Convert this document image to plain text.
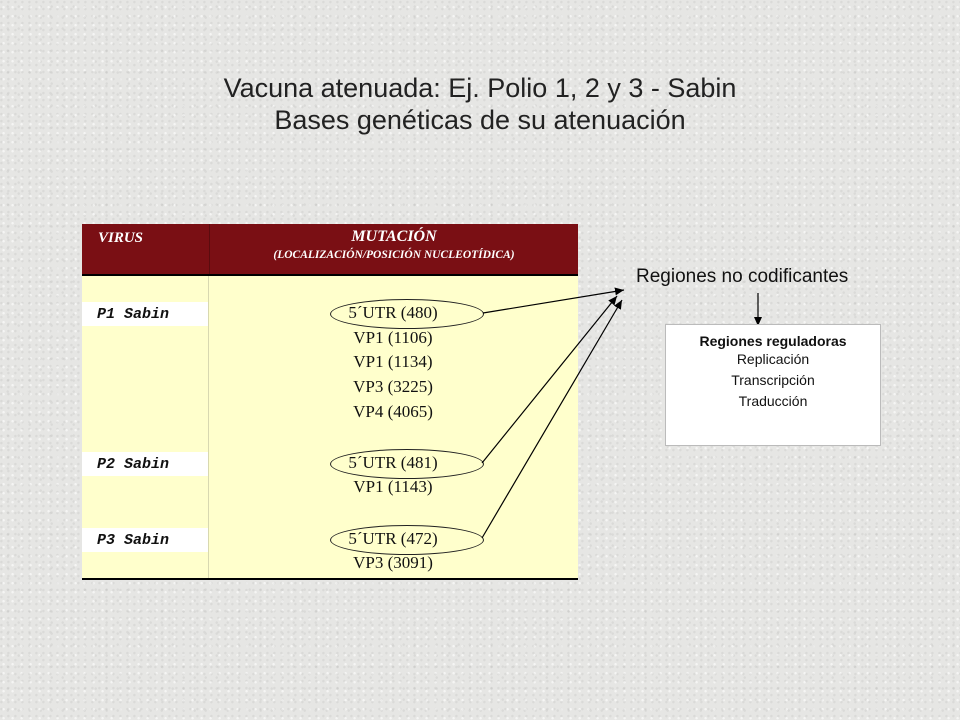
Vacuna atenuada: Ej. Polio 1, 2 y 3 - Sabin
Bases genéticas de su atenuación
VIRUS	MUTACIÓN
(LOCALIZACIÓN/POSICIÓN NUCLEOTÍDICA)
P1 Sabin	5´UTR (480)
VP1 (1106)
VP1 (1134)
VP3 (3225)
VP4 (4065)
P2 Sabin	5´UTR (481)
VP1 (1143)
P3 Sabin	5´UTR (472)
VP3 (3091)
Regiones no codificantes
Regiones reguladoras
Replicación
Transcripción
Traducción
